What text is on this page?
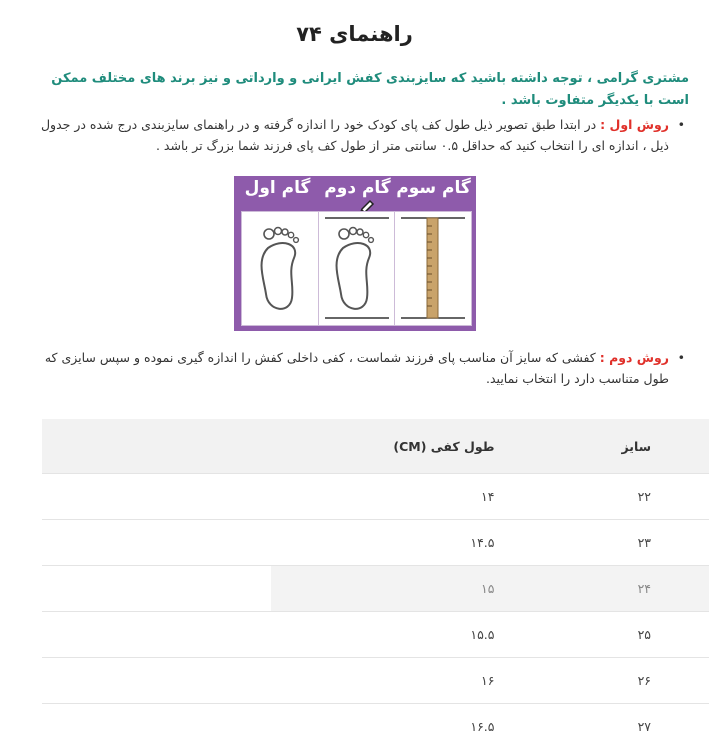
راهنمای ۷۴
مشتری گرامی ، توجه داشته باشید که سایزبندی کفش ایرانی و وارداتی و نیز برند های مختلف ممکن است با یکدیگر متفاوت باشد .
•
روش اول : در ابتدا طبق تصویر ذیل طول کف پای کودک خود را اندازه گرفته و در راهنمای سایزبندی درج شده در جدول ذیل ، اندازه ای را انتخاب کنید که حداقل ۰.۵ سانتی متر از طول کف پای فرزند شما بزرگ تر باشد .
گام اول گام دوم گام سوم
•
روش دوم : کفشی که سایز آن مناسب پای فرزند شماست ، کفی داخلی کفش را اندازه گیری نموده و سپس سایزی که طول متناسب دارد را انتخاب نمایید.
سایز	طول کفی (CM)	
۲۲	۱۴	
۲۳	۱۴.۵	
۲۴	۱۵	
۲۵	۱۵.۵	
۲۶	۱۶	
۲۷	۱۶.۵	
